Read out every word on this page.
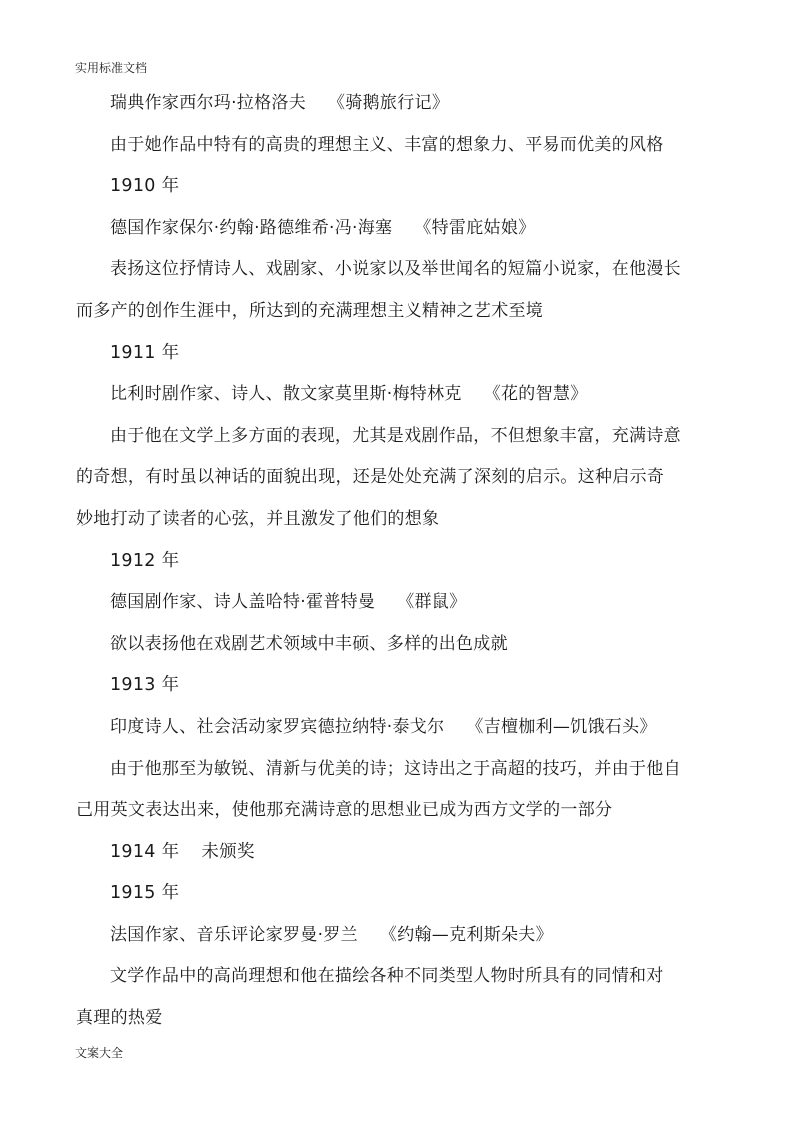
实用标准文档
瑞典作家西尔玛·拉格洛夫 《骑鹅旅行记》
由于她作品中特有的高贵的理想主义、丰富的想象力、平易而优美的风格
1910 年
德国作家保尔·约翰·路德维希·冯·海塞 《特雷庇姑娘》
表扬这位抒情诗人、戏剧家、小说家以及举世闻名的短篇小说家，在他漫长
而多产的创作生涯中，所达到的充满理想主义精神之艺术至境
1911 年
比利时剧作家、诗人、散文家莫里斯·梅特林克 《花的智慧》
由于他在文学上多方面的表现，尤其是戏剧作品，不但想象丰富，充满诗意
的奇想，有时虽以神话的面貌出现，还是处处充满了深刻的启示。这种启示奇
妙地打动了读者的心弦，并且激发了他们的想象
1912 年
德国剧作家、诗人盖哈特·霍普特曼 《群鼠》
欲以表扬他在戏剧艺术领域中丰硕、多样的出色成就
1913 年
印度诗人、社会活动家罗宾德拉纳特·泰戈尔 《吉檀枷利—饥饿石头》
由于他那至为敏锐、清新与优美的诗；这诗出之于高超的技巧，并由于他自
己用英文表达出来，使他那充满诗意的思想业已成为西方文学的一部分
1914 年 未颁奖
1915 年
法国作家、音乐评论家罗曼·罗兰 《约翰—克利斯朵夫》
文学作品中的高尚理想和他在描绘各种不同类型人物时所具有的同情和对
真理的热爱
文案大全
